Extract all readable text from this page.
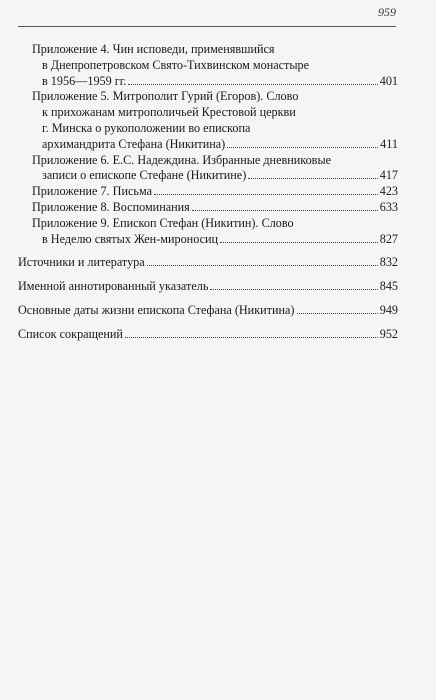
959
Приложение 4. Чин исповеди, применявшийся
в Днепропетровском Свято-Тихвинском монастыре
в 1956—1959 гг.	401
Приложение 5. Митрополит Гурий (Егоров). Слово
к прихожанам митрополичьей Крестовой церкви
г. Минска о рукоположении во епископа
архимандрита Стефана (Никитина)	411
Приложение 6. Е.С. Надеждина. Избранные дневниковые
записи о епископе Стефане (Никитине)	417
Приложение 7. Письма	423
Приложение 8. Воспоминания	633
Приложение 9. Епископ Стефан (Никитин). Слово
в Неделю святых Жен-мироносиц	827
Источники и литература	832
Именной аннотированный указатель	845
Основные даты жизни епископа Стефана (Никитина)	949
Список сокращений	952
